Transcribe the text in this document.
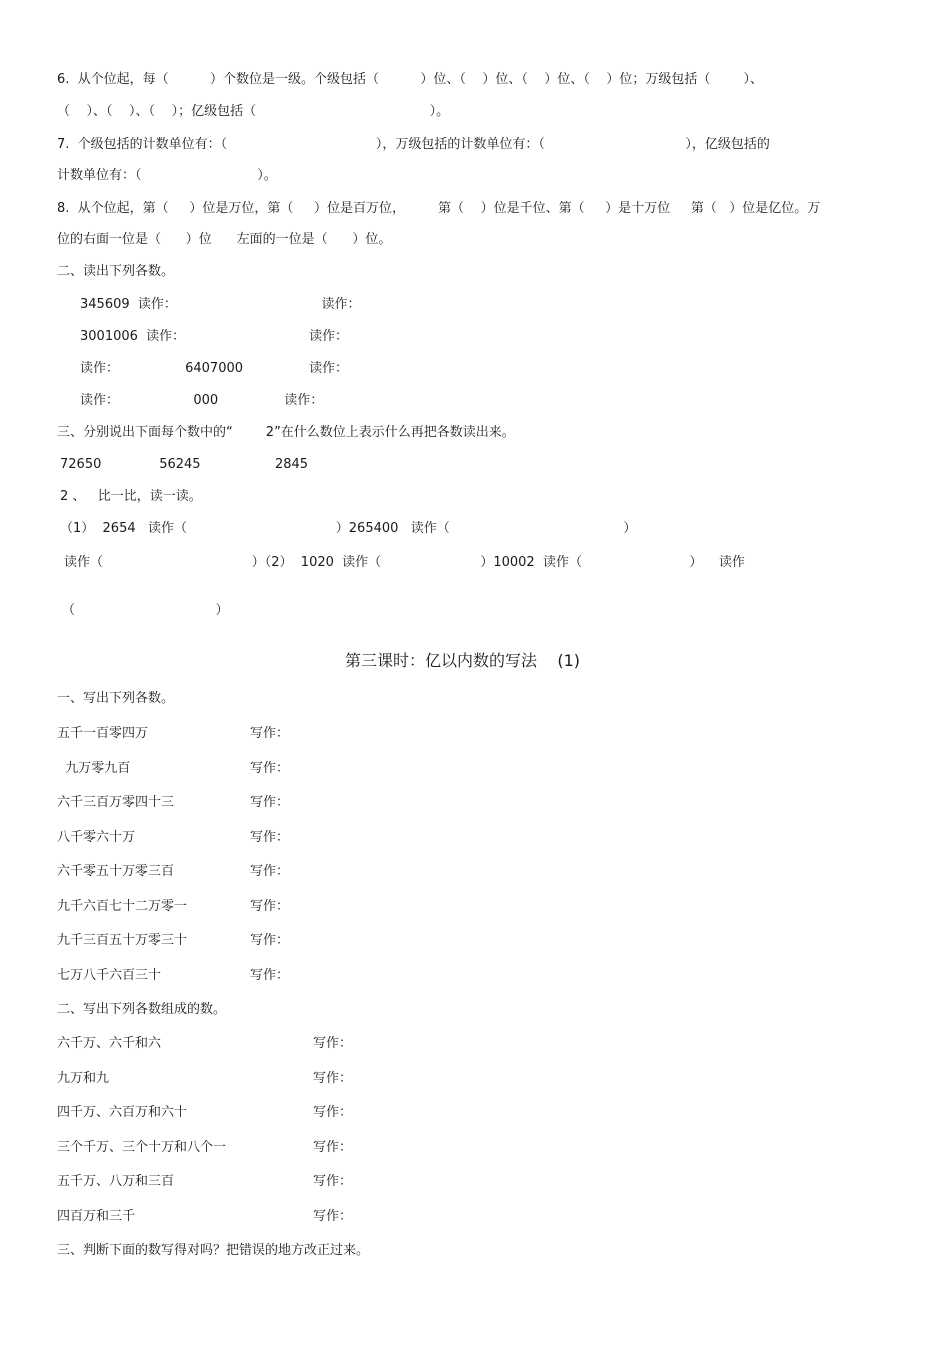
6.  从个位起，每（          ）个数位是一级。个级包括（          ）位、（    ）位、（    ）位、（    ）位；万级包括（        ）、
（    ）、（    ）、（    ）；亿级包括（                                          ）。
7.  个级包括的计数单位有：（                                    ），万级包括的计数单位有：（                                  ），亿级包括的
计数单位有：（                            ）。
8.  从个位起，第（     ）位是万位，第（     ）位是百万位，        第（    ）位是千位、第（     ）是十万位     第（   ）位是亿位。万
位的右面一位是（      ）位      左面的一位是（      ）位。
二、读出下列各数。
345609  读作：                                   读作：
3001006  读作：                              读作：
读作：                6407000                读作：
读作：                  000                读作：
三、分别说出下面每个数中的“        2”在什么数位上表示什么再把各数读出来。
72650              56245                  2845
2 、   比一比，读一读。
（1）  2654   读作（                                    ）265400   读作（                                          ）
读作（                                    ）（2）  1020  读作（                        ）10002  读作（                          ）    读作
（                                  ）
第三课时：亿以内数的写法    (1)
一、写出下列各数。
五千一百零四万	写作：
九万零九百	写作：
六千三百万零四十三	写作：
八千零六十万	写作：
六千零五十万零三百	写作：
九千六百七十二万零一	写作：
九千三百五十万零三十	写作：
七万八千六百三十	写作：
二、写出下列各数组成的数。
六千万、六千和六	写作：
九万和九	写作：
四千万、六百万和六十	写作：
三个千万、三个十万和八个一	写作：
五千万、八万和三百	写作：
四百万和三千	写作：
三、判断下面的数写得对吗？把错误的地方改正过来。
